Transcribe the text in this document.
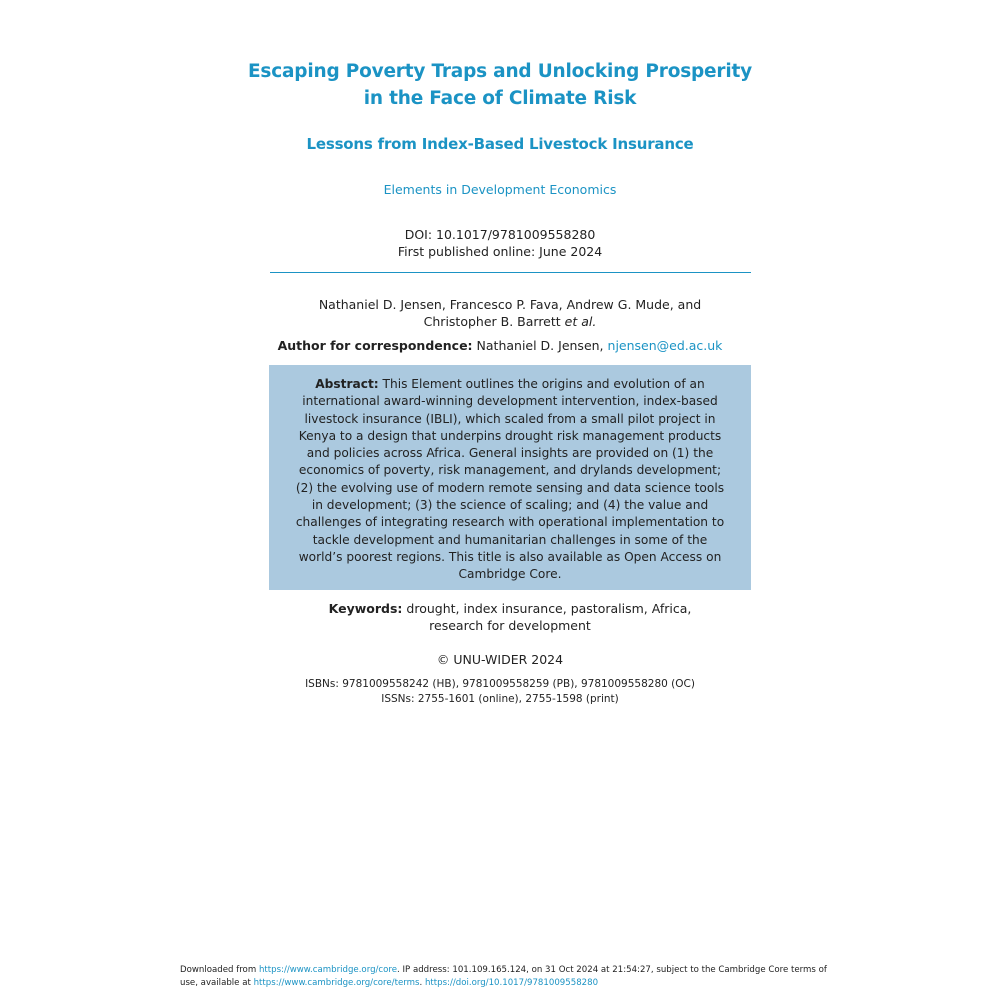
Escaping Poverty Traps and Unlocking Prosperity
in the Face of Climate Risk
Lessons from Index-Based Livestock Insurance
Elements in Development Economics
DOI: 10.1017/9781009558280
First published online: June 2024
Nathaniel D. Jensen, Francesco P. Fava, Andrew G. Mude, and Christopher B. Barrett et al.
Author for correspondence: Nathaniel D. Jensen, njensen@ed.ac.uk
Abstract: This Element outlines the origins and evolution of an international award-winning development intervention, index-based livestock insurance (IBLI), which scaled from a small pilot project in Kenya to a design that underpins drought risk management products and policies across Africa. General insights are provided on (1) the economics of poverty, risk management, and drylands development; (2) the evolving use of modern remote sensing and data science tools in development; (3) the science of scaling; and (4) the value and challenges of integrating research with operational implementation to tackle development and humanitarian challenges in some of the world’s poorest regions. This title is also available as Open Access on Cambridge Core.
Keywords: drought, index insurance, pastoralism, Africa, research for development
© UNU-WIDER 2024
ISBNs: 9781009558242 (HB), 9781009558259 (PB), 9781009558280 (OC)
ISSNs: 2755-1601 (online), 2755-1598 (print)
Downloaded from https://www.cambridge.org/core. IP address: 101.109.165.124, on 31 Oct 2024 at 21:54:27, subject to the Cambridge Core terms of use, available at https://www.cambridge.org/core/terms. https://doi.org/10.1017/9781009558280
